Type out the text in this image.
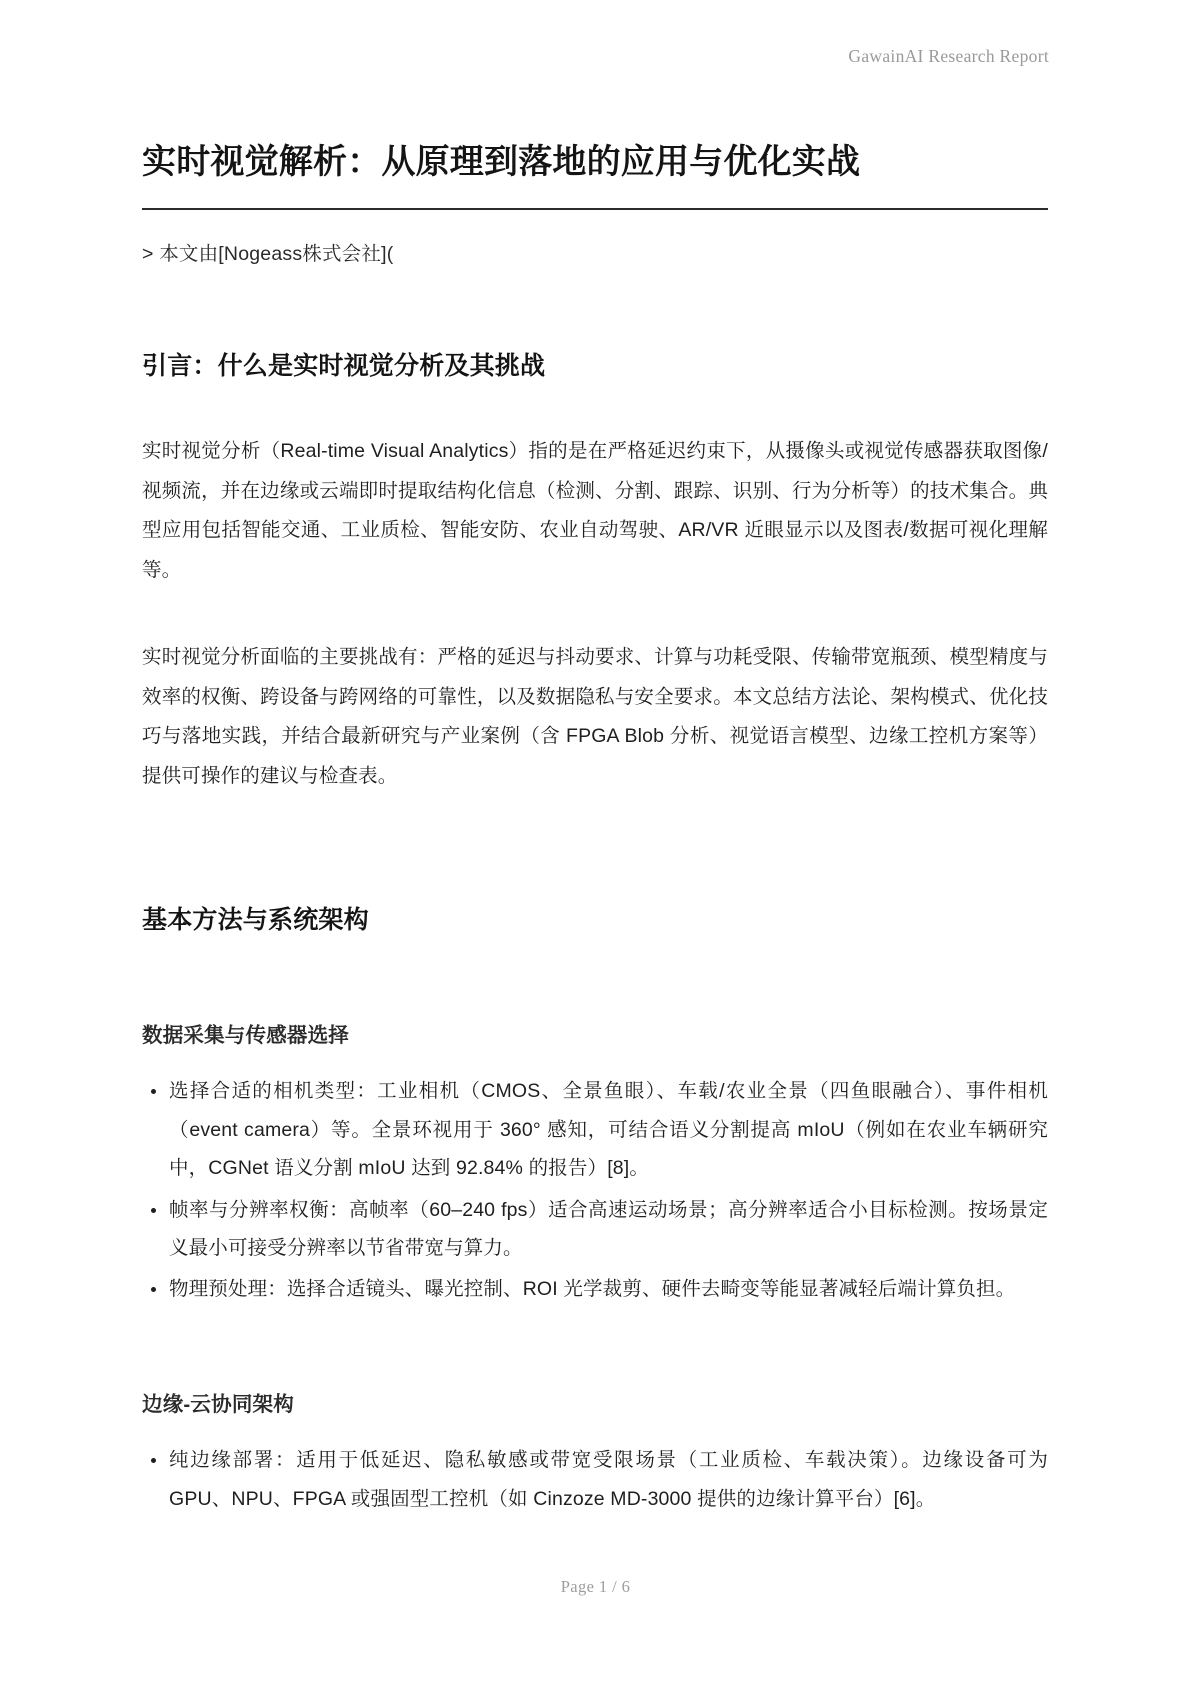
GawainAI Research Report
实时视觉解析：从原理到落地的应用与优化实战
> 本文由[Nogeass株式会社](
引言：什么是实时视觉分析及其挑战

实时视觉分析（Real-time Visual Analytics）指的是在严格延迟约束下，从摄像头或视觉传感器获取图像/视频流，并在边缘或云端即时提取结构化信息（检测、分割、跟踪、识别、行为分析等）的技术集合。典型应用包括智能交通、工业质检、智能安防、农业自动驾驶、AR/VR 近眼显示以及图表/数据可视化理解等。

实时视觉分析面临的主要挑战有：严格的延迟与抖动要求、计算与功耗受限、传输带宽瓶颈、模型精度与效率的权衡、跨设备与跨网络的可靠性，以及数据隐私与安全要求。本文总结方法论、架构模式、优化技巧与落地实践，并结合最新研究与产业案例（含 FPGA Blob 分析、视觉语言模型、边缘工控机方案等）提供可操作的建议与检查表。

基本方法与系统架构
数据采集与传感器选择
选择合适的相机类型：工业相机（CMOS、全景鱼眼）、车载/农业全景（四鱼眼融合）、事件相机（event camera）等。全景环视用于 360° 感知，可结合语义分割提高 mIoU（例如在农业车辆研究中，CGNet 语义分割 mIoU 达到 92.84% 的报告）[8]。
帧率与分辨率权衡：高帧率（60–240 fps）适合高速运动场景；高分辨率适合小目标检测。按场景定义最小可接受分辨率以节省带宽与算力。
物理预处理：选择合适镜头、曝光控制、ROI 光学裁剪、硬件去畸变等能显著减轻后端计算负担。
边缘-云协同架构
纯边缘部署：适用于低延迟、隐私敏感或带宽受限场景（工业质检、车载决策）。边缘设备可为 GPU、NPU、FPGA 或强固型工控机（如 Cinzoze MD-3000 提供的边缘计算平台）[6]。
Page 1 / 6
